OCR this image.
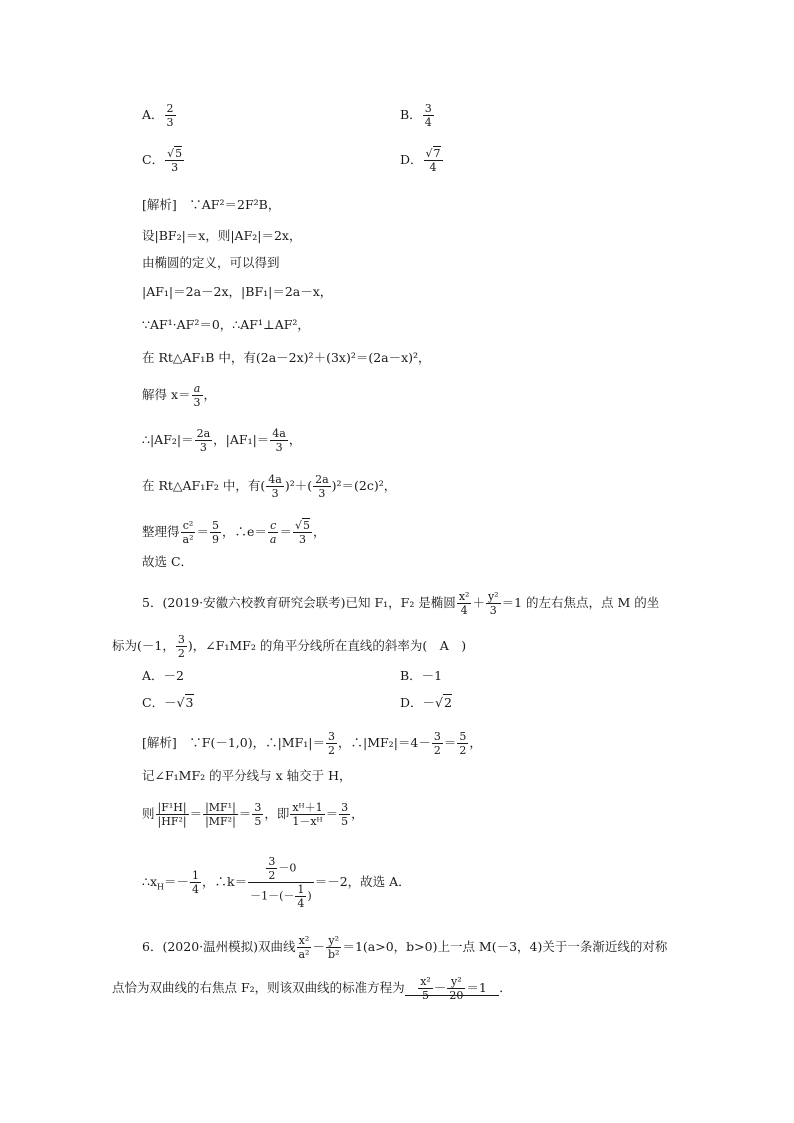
A． $\frac{2}{3}$	B． $\frac{3}{4}$
C． $\frac{√5}{3}$	D． $\frac{√7}{4}$
[解析]　 ∵AF²＝2F²B，
设|BF₂|＝x，则|AF₂|＝2x，
由椭圆的定义，可以得到
|AF₁|＝2a－2x，|BF₁|＝2a－x，
∵AF¹·AF²＝0，∴AF¹⊥AF²，
在 Rt△AF₁B 中，有(2a－2x)²＋(3x)²＝(2a－x)²，
解得 $x= \frac{a}{3}$ ，
∴|AF₂|＝ $\frac{2a}{3}$ ，$|AF_1|= \frac{4a}{3}$ ，
在 Rt△AF₁F₂ 中，有( $\frac{4a}{3} )^2+( \frac{2a}{3} )^2=(2c)^2$，
整理得 $\frac{\text{c²}}{\text{a²}} = \frac{5}{9}$ ，∴e＝ $\frac{c}{a} = \frac{√5}{3}$ ，
故选 C．
5．(2019·安徽六校教育研究会联考)已知 F₁，F₂ 是椭圆 $\frac{\text{x²}}{4} + \frac{\text{y²}}{3} =1$ 的左右焦点，点 M 的坐
标为(－1， $\frac{3}{2}$ )，∠F₁MF₂ 的角平分线所在直线的斜率为(　A　)
A．－2	B．－1
C．－√3	D．－√2
[解析]　 ∵F(－1,0)，∴|MF₁|＝ $\frac{3}{2}$ ，∴|MF₂|＝4－ $\frac{3}{2} = \frac{5}{2}$ ，
记∠F₁MF₂ 的平分线与 x 轴交于 H，
则 $\frac{\text{|F¹H|}}{\text{|HF²|}} = \frac{\text{|MF¹|}}{\text{|MF²|}} = \frac{3}{5}$ ，即 $\frac{\text{xᴴ＋1}}{\text{1－xᴴ}} = \frac{3}{5}$ ，
$\therefore x_H=- \frac{1}{4}$ ，∴k＝ $\frac{\frac{3}{2} -0}{-1-(- \frac{1}{4} )} =-2$，故选 A．
6．(2020·温州模拟)双曲线 $\frac{\text{x²}}{\text{a²}} - \frac{\text{y²}}{\text{b²}} =1(a>0$，b>0)上一点 M(－3，4)关于一条渐近线的对称
点恰为双曲线的右焦点 F₂，则该双曲线的标准方程为　 $\frac{\text{x²}}{5} - \frac{\text{y²}}{20} =1$　 ．
